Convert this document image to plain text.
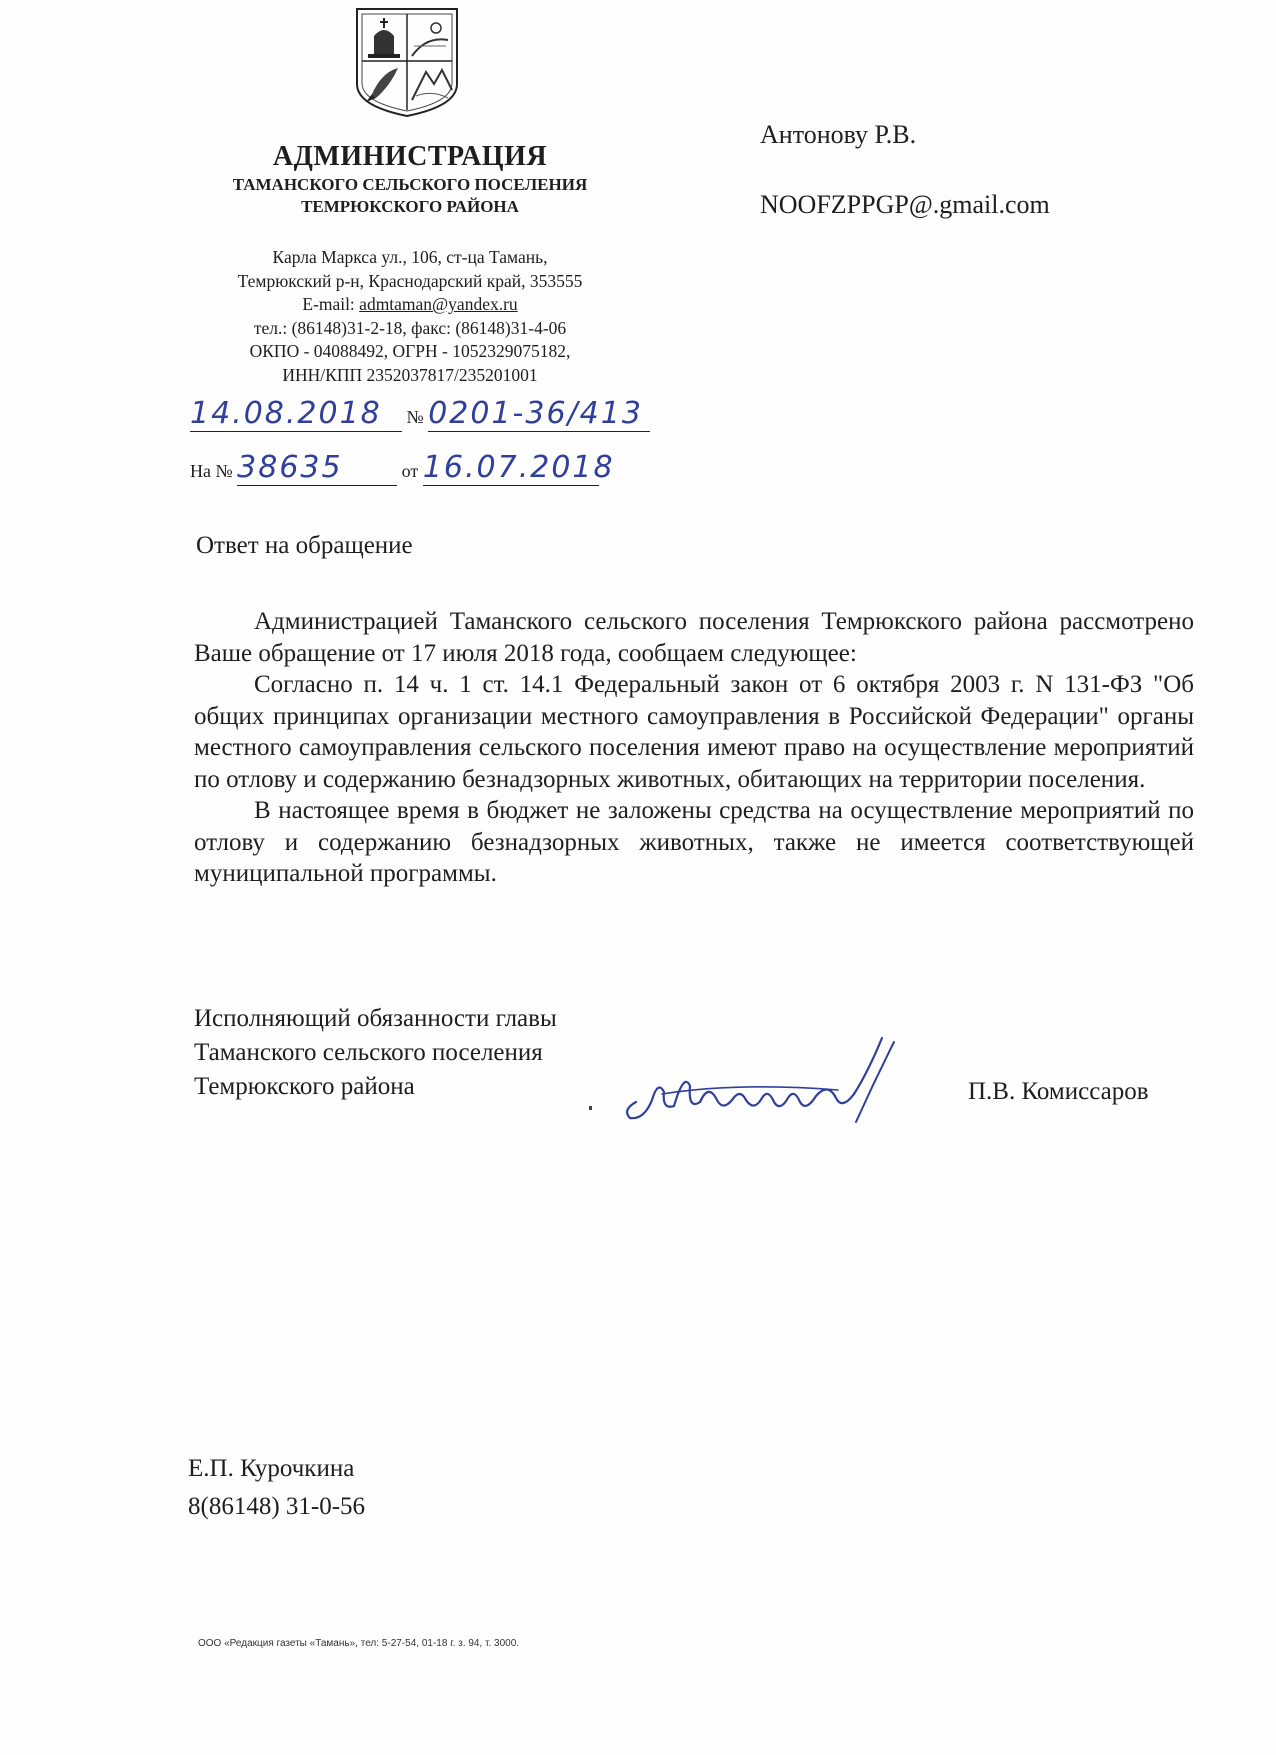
АДМИНИСТРАЦИЯ
ТАМАНСКОГО СЕЛЬСКОГО ПОСЕЛЕНИЯ
ТЕМРЮКСКОГО РАЙОНА
Карла Маркса ул., 106, ст-ца Тамань,
Темрюкский р-н, Краснодарский край, 353555
E-mail: admtaman@yandex.ru
тел.: (86148)31-2-18, факс: (86148)31-4-06
ОКПО - 04088492, ОГРН - 1052329075182,
ИНН/КПП 2352037817/235201001
Антонову Р.В.
NOOFZPPGP@.gmail.com
14.08.2018 № 0201-36/413
На № 38635	от 16.07.2018
Ответ на обращение

Администрацией Таманского сельского поселения Темрюкского района рассмотрено Ваше обращение от 17 июля 2018 года, сообщаем следующее:

Согласно п. 14 ч. 1 ст. 14.1 Федеральный закон от 6 октября 2003 г. N 131-ФЗ "Об общих принципах организации местного самоуправления в Российской Федерации" органы местного самоуправления сельского поселения имеют право на осуществление мероприятий по отлову и содержанию безнадзорных животных, обитающих на территории поселения.

В настоящее время в бюджет не заложены средства на осуществление мероприятий по отлову и содержанию безнадзорных животных, также не имеется соответствующей муниципальной программы.

Исполняющий обязанности главы
Таманского сельского поселения
Темрюкского района	П.В. Комиссаров
Е.П. Курочкина
8(86148) 31-0-56
ООО «Редакция газеты «Тамань», тел: 5-27-54, 01-18 г. з. 94, т. 3000.
